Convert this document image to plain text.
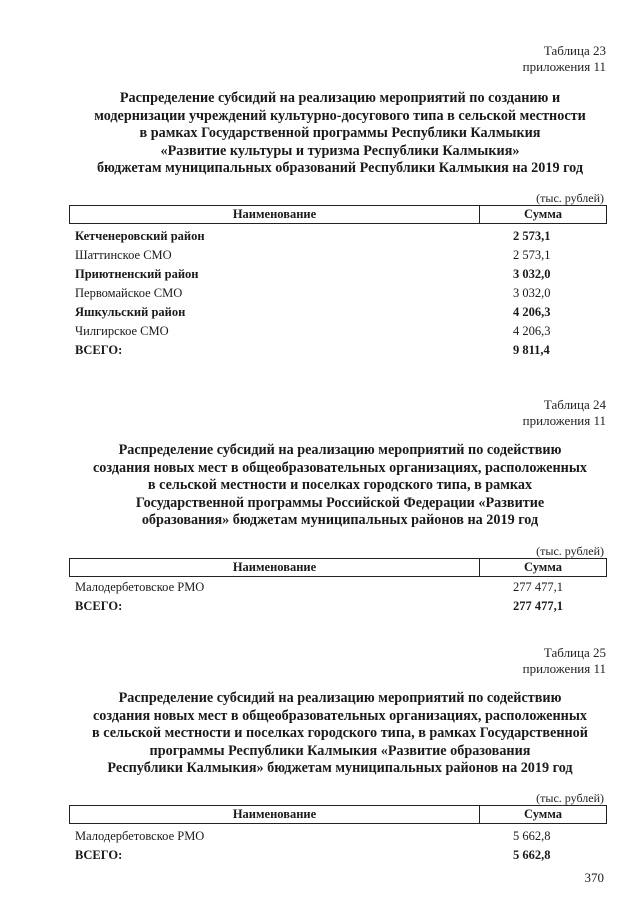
Таблица 23
приложения 11
Распределение субсидий на реализацию мероприятий по созданию и
модернизации учреждений культурно-досугового типа в сельской местности
в рамках Государственной программы Республики Калмыкия
«Развитие культуры и туризма Республики Калмыкия»
бюджетам муниципальных образований Республики Калмыкия на 2019 год
(тыс. рублей)
Наименование	Сумма
Кетченеровский район	2 573,1
Шаттинское СМО	2 573,1
Приютненский район	3 032,0
Первомайское СМО	3 032,0
Яшкульский район	4 206,3
Чилгирское СМО	4 206,3
ВСЕГО:	9 811,4
Таблица 24
приложения 11
Распределение субсидий на реализацию мероприятий по содействию
создания новых мест в общеобразовательных организациях, расположенных
в сельской местности и поселках городского типа, в рамках
Государственной программы Российской Федерации «Развитие
образования» бюджетам муниципальных районов на 2019 год
(тыс. рублей)
Наименование	Сумма
Малодербетовское РМО	277 477,1
ВСЕГО:	277 477,1
Таблица 25
приложения 11
Распределение субсидий на реализацию мероприятий по содействию
создания новых мест в общеобразовательных организациях, расположенных
в сельской местности и поселках городского типа, в рамках Государственной
программы Республики Калмыкия «Развитие образования
Республики Калмыкия» бюджетам муниципальных районов на 2019 год
(тыс. рублей)
Наименование	Сумма
Малодербетовское РМО	5 662,8
ВСЕГО:	5 662,8
370
